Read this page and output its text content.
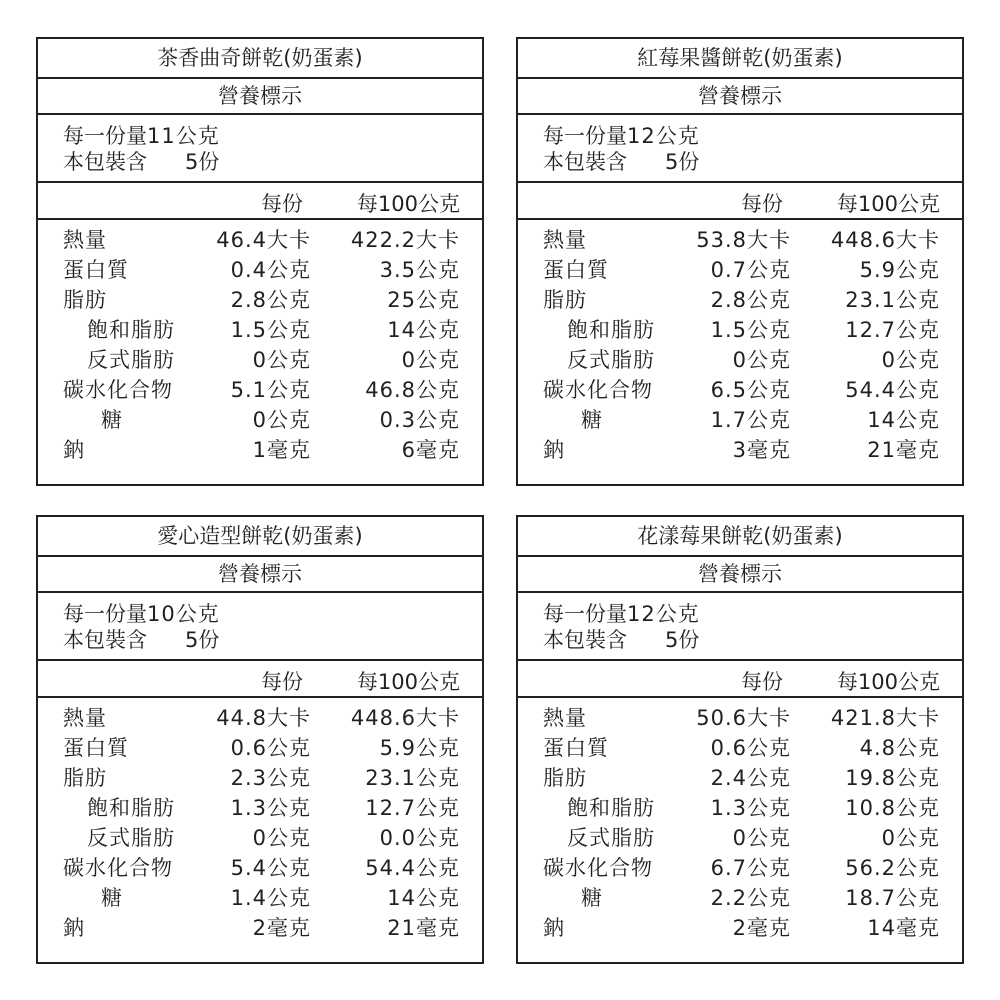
茶香曲奇餅乾(奶蛋素)
營養標示
每一份量11公克
本包裝含 5份
每份	每100公克
熱量	46.4大卡 422.2大卡
蛋白質	0.4公克	3.5公克
脂肪	2.8公克	25公克
飽和脂肪	1.5公克	14公克
反式脂肪	0公克	0公克
碳水化合物	5.1公克	46.8公克
糖	0公克	0.3公克
鈉	1毫克	6毫克
紅莓果醬餅乾(奶蛋素)
營養標示
每一份量12公克
本包裝含 5份
每份	每100公克
熱量	53.8大卡 448.6大卡
蛋白質	0.7公克	5.9公克
脂肪	2.8公克	23.1公克
飽和脂肪	1.5公克	12.7公克
反式脂肪	0公克	0公克
碳水化合物	6.5公克	54.4公克
糖	1.7公克	14公克
鈉	3毫克	21毫克
愛心造型餅乾(奶蛋素)
營養標示
每一份量10公克
本包裝含 5份
每份	每100公克
熱量	44.8大卡 448.6大卡
蛋白質	0.6公克	5.9公克
脂肪	2.3公克	23.1公克
飽和脂肪	1.3公克	12.7公克
反式脂肪	0公克	0.0公克
碳水化合物	5.4公克	54.4公克
糖	1.4公克	14公克
鈉	2毫克	21毫克
花漾莓果餅乾(奶蛋素)
營養標示
每一份量12公克
本包裝含 5份
每份	每100公克
熱量	50.6大卡 421.8大卡
蛋白質	0.6公克	4.8公克
脂肪	2.4公克	19.8公克
飽和脂肪	1.3公克	10.8公克
反式脂肪	0公克	0公克
碳水化合物	6.7公克	56.2公克
糖	2.2公克	18.7公克
鈉	2毫克	14毫克
